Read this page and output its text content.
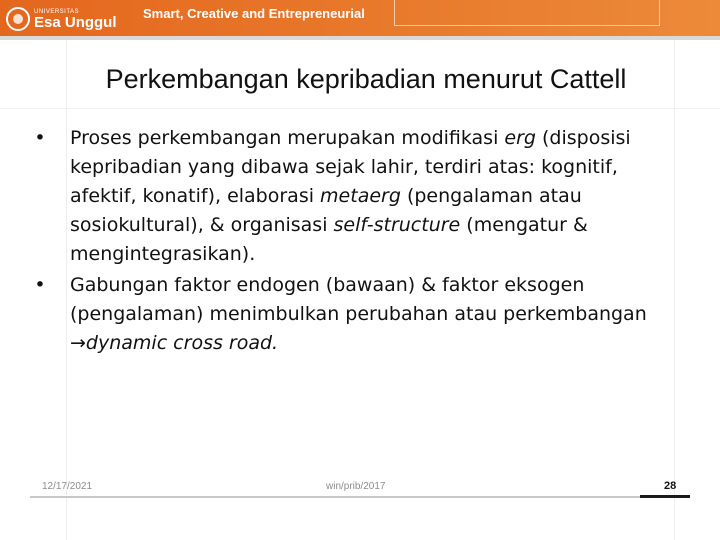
UNIVERSITAS
Esa Unggul Smart, Creative and Entrepreneurial
Perkembangan kepribadian menurut Cattell
• Proses perkembangan merupakan modifikasi erg (disposisi kepribadian yang dibawa sejak lahir, terdiri atas: kognitif, afektif, konatif), elaborasi metaerg (pengalaman atau sosiokultural), & organisasi self-structure (mengatur & mengintegrasikan).
• Gabungan faktor endogen (bawaan) & faktor eksogen (pengalaman) menimbulkan perubahan atau perkembangan →dynamic cross road.
12/17/2021	win/prib/2017	28
